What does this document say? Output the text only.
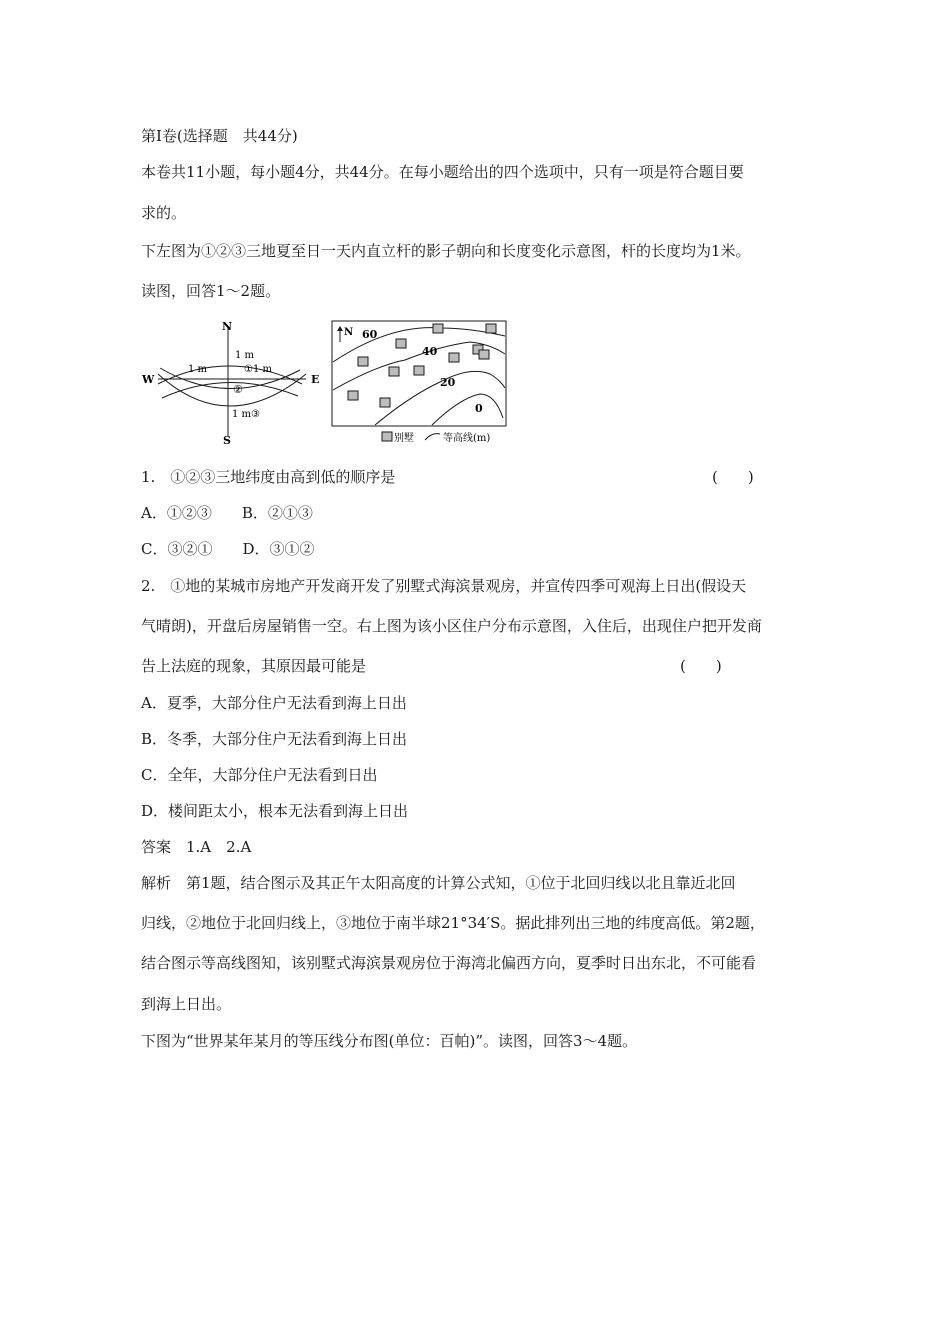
第Ⅰ卷(选择题　共44分)
本卷共11小题，每小题4分，共44分。在每小题给出的四个选项中，只有一项是符合题目要
求的。
下左图为①②③三地夏至日一天内直立杆的影子朝向和长度变化示意图，杆的长度均为1米。
读图，回答1～2题。
N
S
W	E
1 m
1 m	①1 m
②
1 m③
N 60
40
20
0
别墅	等高线(m)
1.　①②③三地纬度由高到低的顺序是	(　　)
A．①②③　　B．②①③
C．③②①　　D．③①②
2.　①地的某城市房地产开发商开发了别墅式海滨景观房，并宣传四季可观海上日出(假设天
气晴朗)，开盘后房屋销售一空。右上图为该小区住户分布示意图，入住后，出现住户把开发商
告上法庭的现象，其原因最可能是	(　　)
A．夏季，大部分住户无法看到海上日出
B．冬季，大部分住户无法看到海上日出
C．全年，大部分住户无法看到日出
D．楼间距太小，根本无法看到海上日出
答案　1.A　2.A
解析　第1题，结合图示及其正午太阳高度的计算公式知，①位于北回归线以北且靠近北回
归线，②地位于北回归线上，③地位于南半球21°34′S。据此排列出三地的纬度高低。第2题，
结合图示等高线图知，该别墅式海滨景观房位于海湾北偏西方向，夏季时日出东北，不可能看
到海上日出。
下图为“世界某年某月的等压线分布图(单位：百帕)”。读图，回答3～4题。
